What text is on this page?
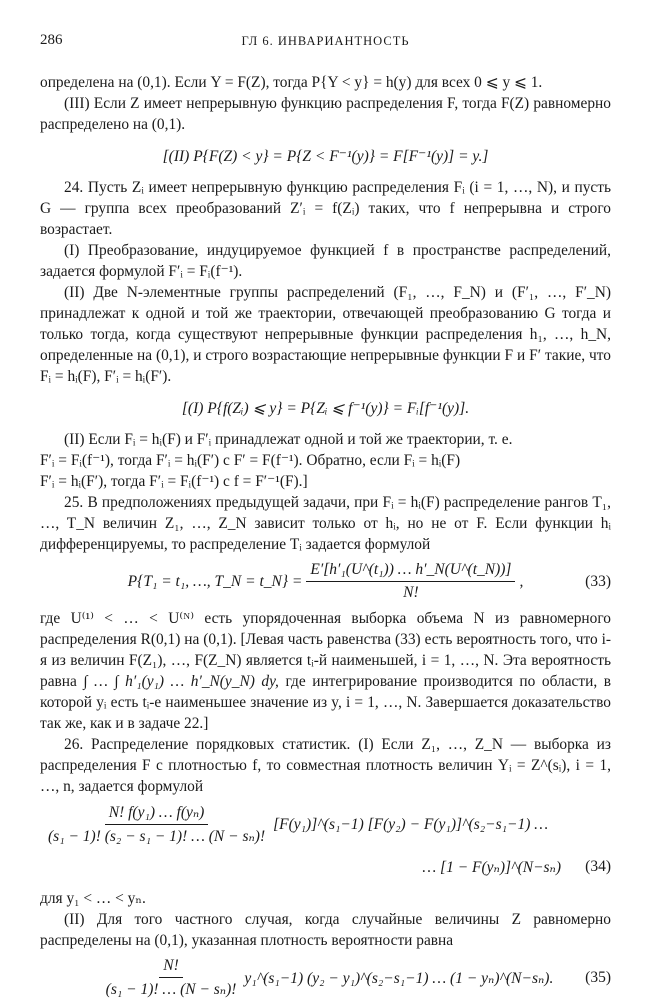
286	ГЛ 6. ИНВАРИАНТНОСТЬ

определена на (0,1). Если Y = F(Z), тогда P{Y < y} = h(y) для всех 0 ⩽ y ⩽ 1.

(III) Если Z имеет непрерывную функцию распределения F, тогда F(Z) равномерно распределено на (0,1).

[(II) P{F(Z) < y} = P{Z < F⁻¹(y)} = F[F⁻¹(y)] = y.]

24. Пусть Zᵢ имеет непрерывную функцию распределения Fᵢ (i = 1, …, N), и пусть G — группа всех преобразований Z′ᵢ = f(Zᵢ) таких, что f непрерывна и строго возрастает.

(I) Преобразование, индуцируемое функцией f в пространстве распределений, задается формулой F′ᵢ = Fᵢ(f⁻¹).

(II) Две N-элементные группы распределений (F₁, …, F_N) и (F′₁, …, F′_N) принадлежат к одной и той же траектории, отвечающей преобразованию G тогда и только тогда, когда существуют непрерывные функции распределения h₁, …, h_N, определенные на (0,1), и строго возрастающие непрерывные функции F и F′ такие, что Fᵢ = hᵢ(F), F′ᵢ = hᵢ(F′).

[(I) P{f(Zᵢ) ⩽ y} = P{Zᵢ ⩽ f⁻¹(y)} = Fᵢ[f⁻¹(y)].

(II) Если Fᵢ = hᵢ(F) и F′ᵢ принадлежат одной и той же траектории, т. е.

F′ᵢ = Fᵢ(f⁻¹), тогда F′ᵢ = hᵢ(F′) с F′ = F(f⁻¹). Обратно, если Fᵢ = hᵢ(F)

F′ᵢ = hᵢ(F′), тогда F′ᵢ = Fᵢ(f⁻¹) с f = F′⁻¹(F).]

25. В предположениях предыдущей задачи, при Fᵢ = hᵢ(F) распределение рангов T₁, …, T_N величин Z₁, …, Z_N зависит только от hᵢ, но не от F. Если функции hᵢ дифференцируемы, то распределение Tᵢ задается формулой

P{T₁ = t₁, …, T_N = t_N} = $\frac{\text{E′[h′₁(U\textasciicircum{}(t₁)) … h′\_N(U\textasciicircum{}(t\_N))]}}{N!}$ ,	(33)

где U⁽¹⁾ < … < U⁽ᴺ⁾ есть упорядоченная выборка объема N из равномерного распределения R(0,1) на (0,1). [Левая часть равенства (33) есть вероятность того, что i-я из величин F(Z₁), …, F(Z_N) является tᵢ-й наименьшей, i = 1, …, N. Эта вероятность равна ∫ … ∫ h′₁(y₁) … h′_N(y_N) dy, где интегрирование производится по области, в которой yᵢ есть tᵢ-е наименьшее значение из y, i = 1, …, N. Завершается доказательство так же, как и в задаче 22.]

26. Распределение порядковых статистик. (I) Если Z₁, …, Z_N — выборка из распределения F с плотностью f, то совместная плотность величин Yᵢ = Z^(sᵢ), i = 1, …, n, задается формулой

$\frac{\text{N! f(y₁) … f(yₙ)}}{\text{(s₁ − 1)! (s₂ − s₁ − 1)! … (N − sₙ)!}}$ [F(y₁)]^(s₁−1) [F(y₂) − F(y₁)]^(s₂−s₁−1) …
… [1 − F(yₙ)]^(N−sₙ) (34)

для y₁ < … < yₙ.

(II) Для того частного случая, когда случайные величины Z равномерно распределены на (0,1), указанная плотность вероятности равна

$\frac{N!}{\text{(s₁ − 1)! … (N − sₙ)!}}$ y₁^(s₁−1) (y₂ − y₁)^(s₂−s₁−1) … (1 − yₙ)^(N−sₙ). (35)
